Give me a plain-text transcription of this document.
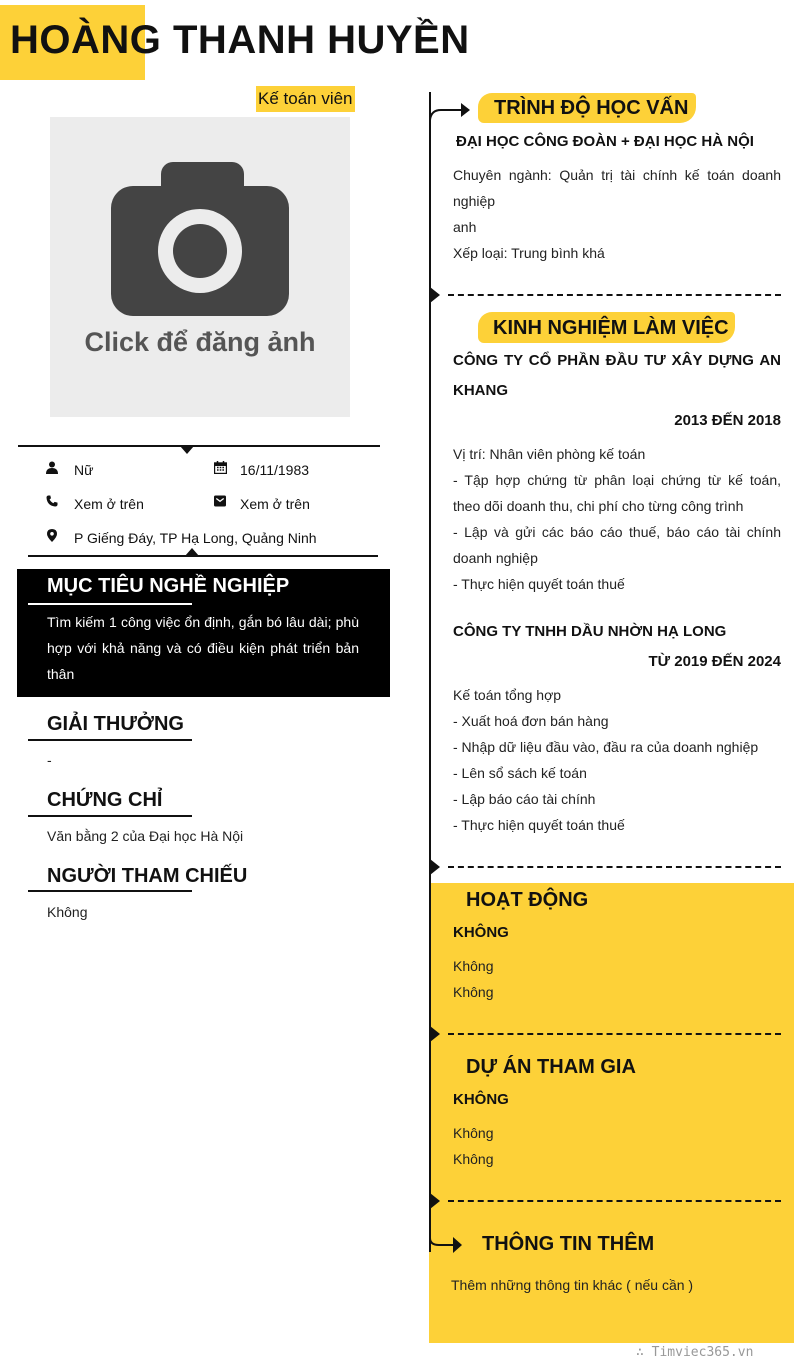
HOÀNG THANH HUYỀN
Kế toán viên
Click để đăng ảnh
Nữ	16/11/1983
Xem ở trên	Xem ở trên
P Giếng Đáy, TP Hạ Long, Quảng Ninh
MỤC TIÊU NGHỀ NGHIỆP
Tìm kiếm 1 công việc ổn định, gắn bó lâu dài; phù hợp với khả năng và có điều kiện phát triển bản thân
GIẢI THƯỞNG
-
CHỨNG CHỈ
Văn bằng 2 của Đại học Hà Nội
NGƯỜI THAM CHIẾU
Không
TRÌNH ĐỘ HỌC VẤN
ĐẠI HỌC CÔNG ĐOÀN + ĐẠI HỌC HÀ NỘI
Chuyên ngành: Quản trị tài chính kế toán doanh nghiệp
anh
Xếp loại: Trung bình khá
KINH NGHIỆM LÀM VIỆC
CÔNG TY CỔ PHẦN ĐẦU TƯ XÂY DỰNG AN KHANG
2013 ĐẾN 2018
Vị trí: Nhân viên phòng kế toán
- Tập hợp chứng từ phân loại chứng từ kế toán, theo dõi doanh thu, chi phí cho từng công trình
- Lập và gửi các báo cáo thuế, báo cáo tài chính doanh nghiệp
- Thực hiện quyết toán thuế
CÔNG TY TNHH DẦU NHỜN HẠ LONG
TỪ 2019 ĐẾN 2024
Kế toán tổng hợp
- Xuất hoá đơn bán hàng
- Nhập dữ liệu đầu vào, đầu ra của doanh nghiệp
- Lên sổ sách kế toán
- Lập báo cáo tài chính
- Thực hiện quyết toán thuế
HOẠT ĐỘNG
KHÔNG
Không
Không
DỰ ÁN THAM GIA
KHÔNG
Không
Không
THÔNG TIN THÊM
Thêm những thông tin khác ( nếu cần )
∴ Timviec365.vn
